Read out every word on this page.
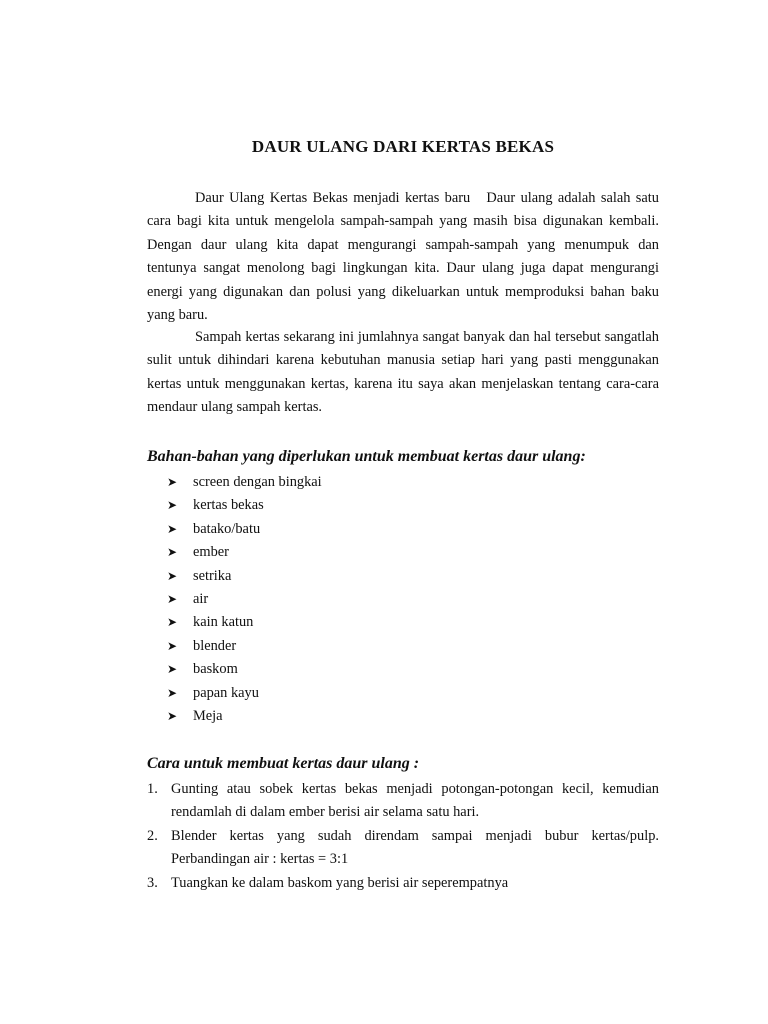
DAUR ULANG DARI KERTAS BEKAS

Daur Ulang Kertas Bekas menjadi kertas baru   Daur ulang adalah salah satu cara bagi kita untuk mengelola sampah-sampah yang masih bisa digunakan kembali. Dengan daur ulang kita dapat mengurangi sampah-sampah yang menumpuk dan tentunya sangat menolong bagi lingkungan kita. Daur ulang juga dapat mengurangi energi yang digunakan dan polusi yang dikeluarkan untuk memproduksi bahan baku yang baru.

Sampah kertas sekarang ini jumlahnya sangat banyak dan hal tersebut sangatlah sulit untuk dihindari karena kebutuhan manusia setiap hari yang pasti menggunakan kertas untuk menggunakan kertas, karena itu saya akan menjelaskan tentang cara-cara mendaur ulang sampah kertas.

Bahan-bahan yang diperlukan untuk membuat kertas daur ulang:
➤	screen dengan bingkai
➤	kertas bekas
➤	batako/batu
➤	ember
➤	setrika
➤	air
➤	kain katun
➤	blender
➤	baskom
➤	papan kayu
➤	Meja
Cara untuk membuat kertas daur ulang :
1. Gunting atau sobek kertas bekas menjadi potongan-potongan kecil, kemudian rendamlah di dalam ember berisi air selama satu hari.
2. Blender kertas yang sudah direndam sampai menjadi bubur kertas/pulp. Perbandingan air : kertas = 3:1
3. Tuangkan ke dalam baskom yang berisi air seperempatnya
